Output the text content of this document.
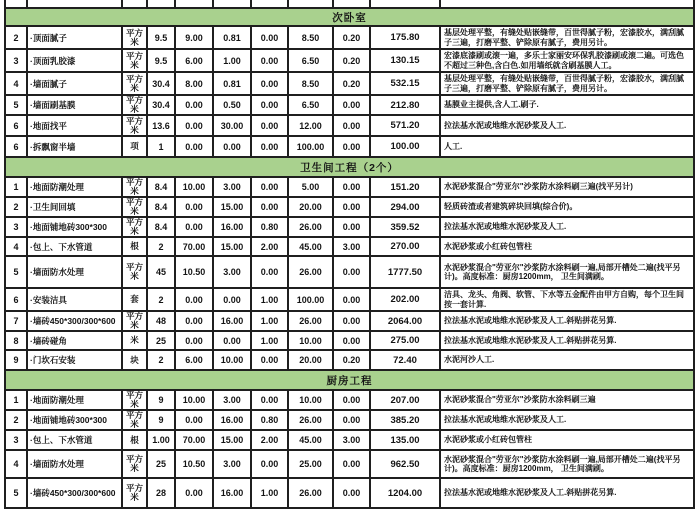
次卧室										
2	·顶面腻子	平方米	9.5	9.00	0.81	0.00	8.50	0.20	175.80	基层处理平整，有缝处贴嵌缝带，百世得腻子粉，宏漆胶水，满刮腻子三遍，打磨平整、铲除原有腻子，费用另计。
3	·顶面乳胶漆	平方米	9.5	6.00	1.00	0.00	6.50	0.20	130.15	宏漆底漆刷或滚一遍，多乐士家丽安环保乳胶漆刷或滚二遍。可选色不超过三种色,含白色.如用墙纸就含刷基膜人工。
4	·墙面腻子	平方米	30.4	8.00	0.81	0.00	8.50	0.20	532.15	基层处理平整，有缝处贴嵌缝带，百世得腻子粉，宏漆胶水，满刮腻子三遍，打磨平整、铲除原有腻子，费用另计。
5	·墙面刷基膜	平方米	30.4	0.00	0.50	0.00	6.50	0.00	212.80	基膜业主提供,含人工.刷子.
6	·地面找平	平方米	13.6	0.00	30.00	0.00	12.00	0.00	571.20	拉法基水泥或地维水泥砂浆及人工.
6	·拆飘窗半墙	项	1	0.00	0.00	0.00	100.00	0.00	100.00	人工.
卫生间工程（2个）										
1	·地面防潮处理	平方米	8.4	10.00	3.00	0.00	5.00	0.00	151.20	水泥砂浆混合"劳亚尔"沙浆防水涂料刷三遍(找平另计)
2	·卫生间回填	平方米	8.4	0.00	15.00	0.00	20.00	0.00	294.00	轻质砖渣或者建筑碎块回填(综合价)。
3	·地面铺地砖300*300	平方米	8.4	0.00	16.00	0.80	26.00	0.00	359.52	拉法基水泥或地维水泥砂浆及人工.
4	·包上、下水管道	根	2	70.00	15.00	2.00	45.00	3.00	270.00	水泥砂浆或小红砖包管柱
5	·墙面防水处理	平方米	45	10.50	3.00	0.00	26.00	0.00	1777.50	水泥砂浆混合"劳亚尔"沙浆防水涂料刷一遍,局部开槽处二遍(找平另计)。高度标准：厨房1200mm， 卫生间满刷。
6	·安装洁具	套	2	0.00	0.00	1.00	100.00	0.00	202.00	洁具、龙头、角阀、软管、下水等五金配件由甲方自购，每个卫生间按一套计算.
7	·墙砖450*300/300*600	平方米	48	0.00	16.00	1.00	26.00	0.00	2064.00	拉法基水泥或地维水泥砂浆及人工.斜贴拼花另算.
8	·墙砖碰角	米	25	0.00	0.00	1.00	10.00	0.00	275.00	拉法基水泥或地维水泥砂浆及人工.斜贴拼花另算.
9	·门坎石安装	块	2	6.00	10.00	0.00	20.00	0.20	72.40	水泥河沙人工.
厨房工程										
1	·地面防潮处理	平方米	9	10.00	3.00	0.00	10.00	0.00	207.00	水泥砂浆混合"劳亚尔"沙浆防水涂料刷三遍
2	·地面铺地砖300*300	平方米	9	0.00	16.00	0.80	26.00	0.00	385.20	拉法基水泥或地维水泥砂浆及人工.
3	·包上、下水管道	根	1.00	70.00	15.00	2.00	45.00	3.00	135.00	水泥砂浆或小红砖包管柱
4	·墙面防水处理	平方米	25	10.50	3.00	0.00	25.00	0.00	962.50	水泥砂浆混合"劳亚尔"沙浆防水涂料刷一遍,局部开槽处二遍(找平另计)。高度标准：厨房1200mm， 卫生间满刷。
5	·墙砖450*300/300*600	平方米	28	0.00	16.00	1.00	26.00	0.00	1204.00	拉法基水泥或地维水泥砂浆及人工.斜贴拼花另算.
